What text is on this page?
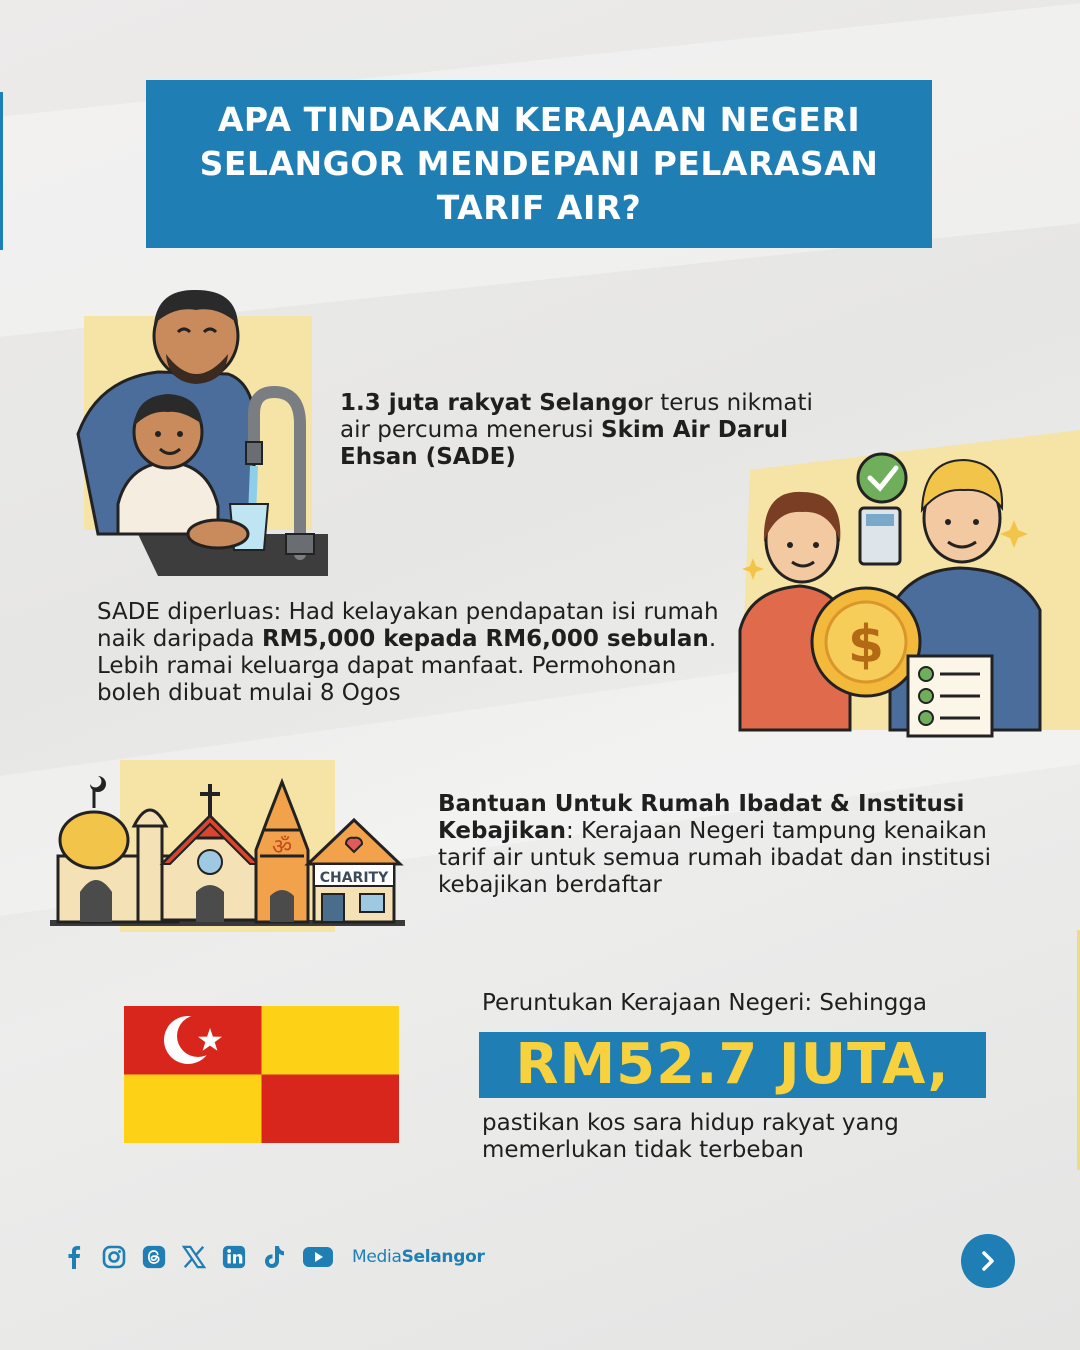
APA TINDAKAN KERAJAAN NEGERI SELANGOR MENDEPANI PELARASAN TARIF AIR?
1.3 juta rakyat Selangor terus nikmati air percuma menerusi Skim Air Darul Ehsan (SADE)
$
SADE diperluas: Had kelayakan pendapatan isi rumah naik daripada RM5,000 kepada RM6,000 sebulan. Lebih ramai keluarga dapat manfaat. Permohonan boleh dibuat mulai 8 Ogos
ॐ
CHARITY
Bantuan Untuk Rumah Ibadat & Institusi Kebajikan: Kerajaan Negeri tampung kenaikan tarif air untuk semua rumah ibadat dan institusi kebajikan berdaftar
Peruntukan Kerajaan Negeri: Sehingga
RM52.7 JUTA,
pastikan kos sara hidup rakyat yang memerlukan tidak terbeban
MediaSelangor
